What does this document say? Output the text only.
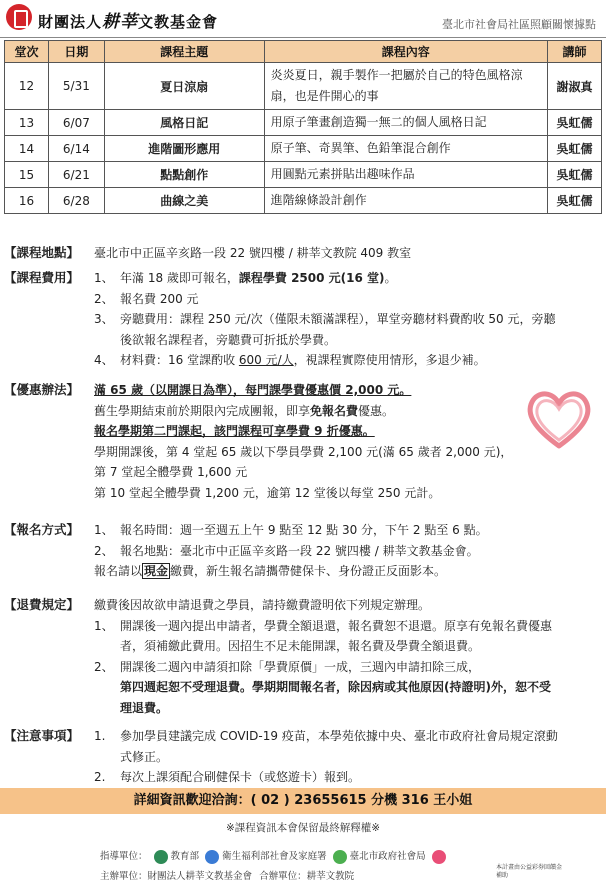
財團法人耕莘文教基金會	臺北市社會局社區照顧關懷據點
堂次	日期	課程主題	課程內容	講師
12	5/31	夏日涼扇	炎炎夏日，親手製作一把屬於自己的特色風格涼扇，也是件開心的事	謝淑真
13	6/07	風格日記	用原子筆畫創造獨一無二的個人風格日記	吳虹儒
14	6/14	進階圖形應用	原子筆、奇異筆、色鉛筆混合創作	吳虹儒
15	6/21	點點創作	用圓點元素拼貼出趣味作品	吳虹儒
16	6/28	曲線之美	進階線條設計創作	吳虹儒
【課程地點】	臺北市中正區辛亥路一段 22 號四樓 / 耕莘文教院 409 教室
【課程費用】	1、 年滿 18 歲即可報名，課程學費 2500 元(16 堂)。
2、 報名費 200 元
3、 旁聽費用：課程 250 元/次（僅限未額滿課程），單堂旁聽材料費酌收 50 元，旁聽
後欲報名課程者，旁聽費可折抵於學費。
4、 材料費：16 堂課酌收 600 元/人，視課程實際使用情形，多退少補。
【優惠辦法】	滿 65 歲（以開課日為準），每門課學費優惠價 2,000 元。
舊生學期結束前於期限內完成團報，即享免報名費優惠。
報名學期第二門課起，該門課程可享學費 9 折優惠。
學期開課後，第 4 堂起 65 歲以下學員學費 2,100 元(滿 65 歲者 2,000 元)，
第 7 堂起全體學費 1,600 元
第 10 堂起全體學費 1,200 元，逾第 12 堂後以每堂 250 元計。
【報名方式】	1、 報名時間：週一至週五上午 9 點至 12 點 30 分，下午 2 點至 6 點。
2、 報名地點：臺北市中正區辛亥路一段 22 號四樓 / 耕莘文教基金會。
報名請以 現金 繳費，新生報名請攜帶健保卡、身份證正反面影本。
【退費規定】	繳費後因故欲申請退費之學員，請持繳費證明依下列規定辦理。
1、 開課後一週內提出申請者，學費全額退還，報名費恕不退還。原享有免報名費優惠
者，須補繳此費用。因招生不足未能開課，報名費及學費全額退費。
2、 開課後二週內申請須扣除「學費原價」一成，三週內申請扣除三成，
第四週起恕不受理退費。學期期間報名者，除因病或其他原因(持證明)外，恕不受
理退費。
【注意事項】	1.	參加學員建議完成 COVID-19 疫苗，本學苑依據中央、臺北市政府社會局規定滾動
式修正。
2.	每次上課須配合刷健保卡（或悠遊卡）報到。
詳細資訊歡迎洽詢：( 02 ) 23655615 分機 316 王小姐
※課程資訊本會保留最終解釋權※
指導單位： 教育部 衛生福利部社會及家庭署 臺北市政府社會局
本計畫由公益彩券回饋金補助
主辦單位：財團法人耕莘文教基金會 合辦單位：耕莘文教院
